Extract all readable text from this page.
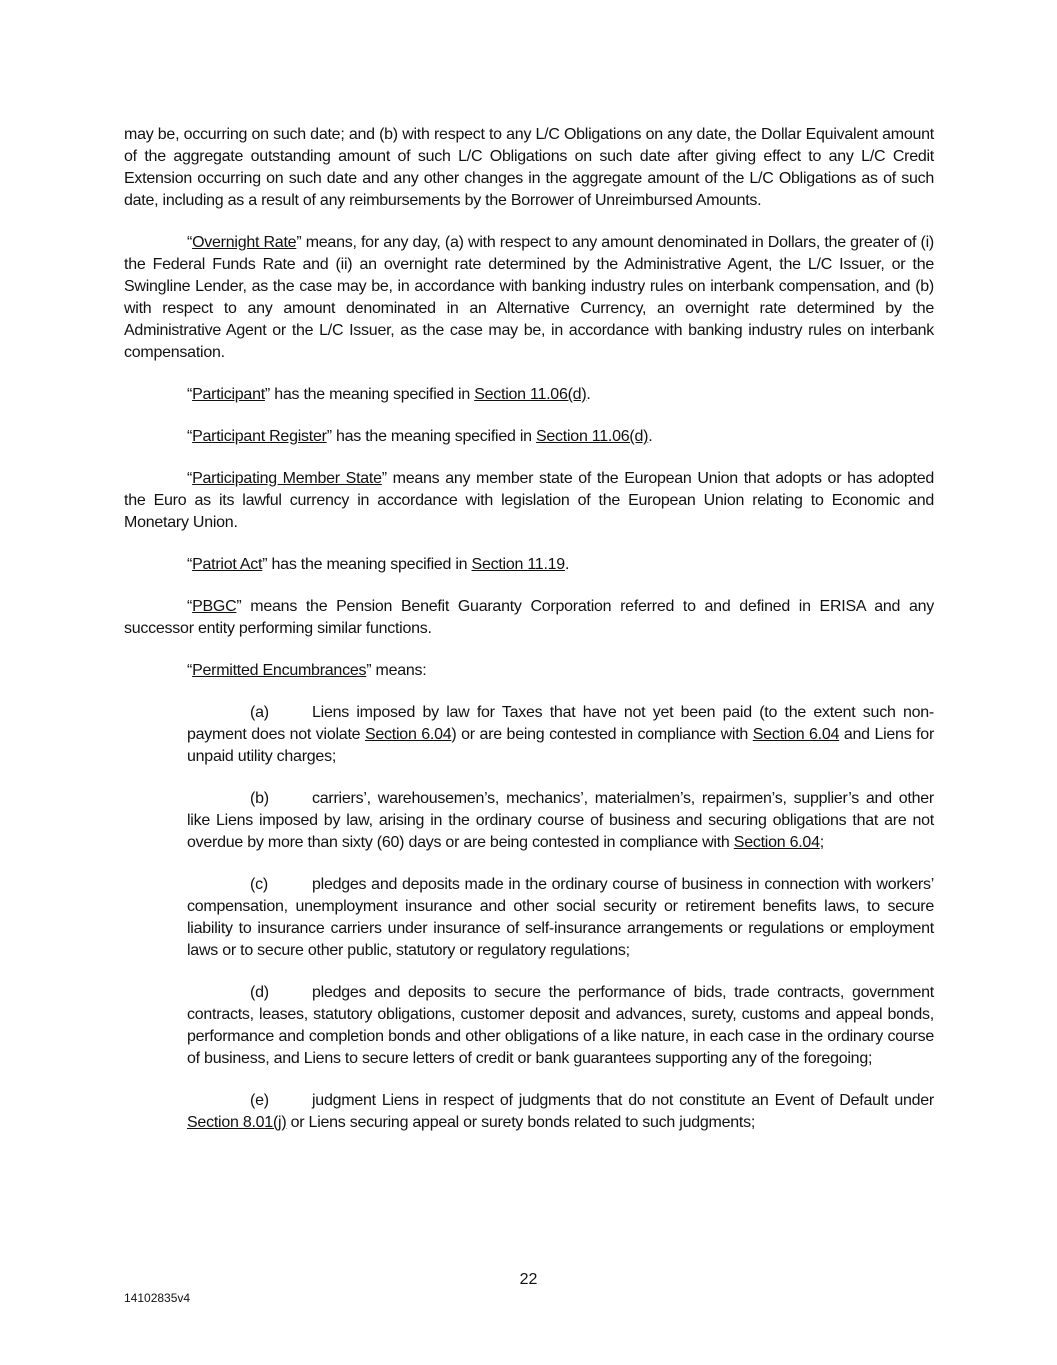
may be, occurring on such date; and (b) with respect to any L/C Obligations on any date, the Dollar Equivalent amount of the aggregate outstanding amount of such L/C Obligations on such date after giving effect to any L/C Credit Extension occurring on such date and any other changes in the aggregate amount of the L/C Obligations as of such date, including as a result of any reimbursements by the Borrower of Unreimbursed Amounts.

“Overnight Rate” means, for any day, (a) with respect to any amount denominated in Dollars, the greater of (i) the Federal Funds Rate and (ii) an overnight rate determined by the Administrative Agent, the L/C Issuer, or the Swingline Lender, as the case may be, in accordance with banking industry rules on interbank compensation, and (b) with respect to any amount denominated in an Alternative Currency, an overnight rate determined by the Administrative Agent or the L/C Issuer, as the case may be, in accordance with banking industry rules on interbank compensation.

“Participant” has the meaning specified in Section 11.06(d).

“Participant Register” has the meaning specified in Section 11.06(d).

“Participating Member State” means any member state of the European Union that adopts or has adopted the Euro as its lawful currency in accordance with legislation of the European Union relating to Economic and Monetary Union.

“Patriot Act” has the meaning specified in Section 11.19.

“PBGC” means the Pension Benefit Guaranty Corporation referred to and defined in ERISA and any successor entity performing similar functions.

“Permitted Encumbrances” means:

(a)	Liens imposed by law for Taxes that have not yet been paid (to the extent such non-payment does not violate Section 6.04) or are being contested in compliance with Section 6.04 and Liens for unpaid utility charges;

(b)	carriers’, warehousemen’s, mechanics’, materialmen’s, repairmen’s, supplier’s and other like Liens imposed by law, arising in the ordinary course of business and securing obligations that are not overdue by more than sixty (60) days or are being contested in compliance with Section 6.04;

(c)	pledges and deposits made in the ordinary course of business in connection with workers’ compensation, unemployment insurance and other social security or retirement benefits laws, to secure liability to insurance carriers under insurance of self-insurance arrangements or regulations or employment laws or to secure other public, statutory or regulatory regulations;

(d)	pledges and deposits to secure the performance of bids, trade contracts, government contracts, leases, statutory obligations, customer deposit and advances, surety, customs and appeal bonds, performance and completion bonds and other obligations of a like nature, in each case in the ordinary course of business, and Liens to secure letters of credit or bank guarantees supporting any of the foregoing;

(e)	judgment Liens in respect of judgments that do not constitute an Event of Default under Section 8.01(j) or Liens securing appeal or surety bonds related to such judgments;

22
14102835v4
